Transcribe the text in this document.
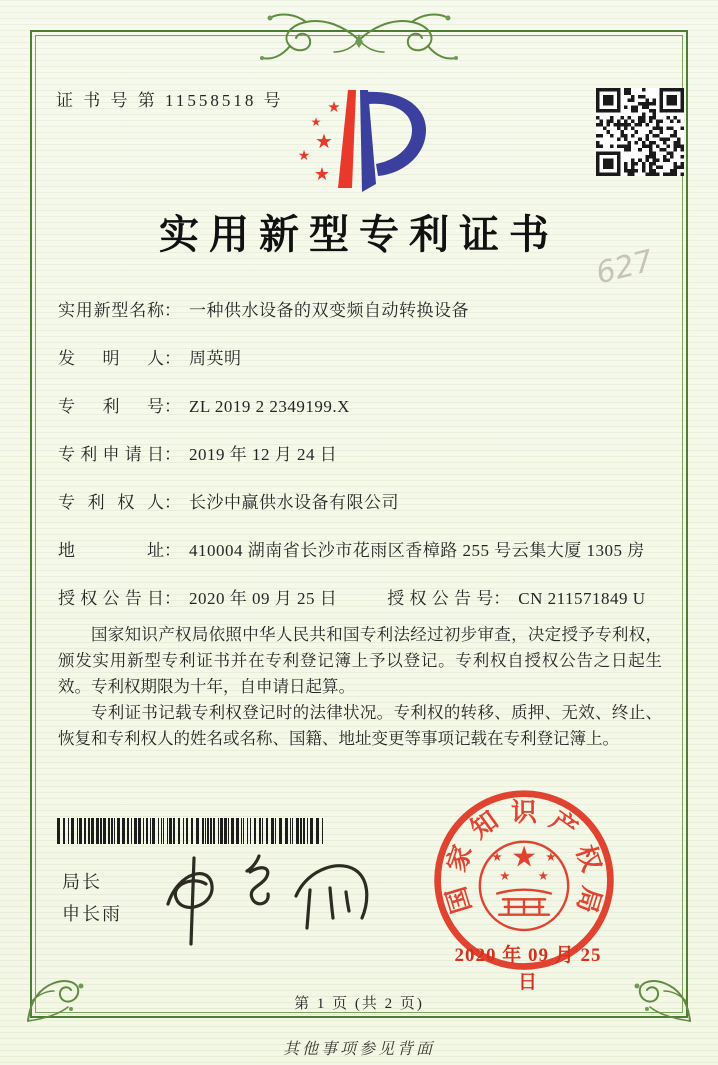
证 书 号 第 11558518 号	★
★
★
★
★
实用新型专利证书
627
实用新型名称： 一种供水设备的双变频自动转换设备
发明人： 周英明
专利号： ZL 2019 2 2349199.X
专利申请日： 2019 年 12 月 24 日
专利权人： 长沙中赢供水设备有限公司
地址： 410004 湖南省长沙市花雨区香樟路 255 号云集大厦 1305 房
授权公告日： 2020 年 09 月 25 日	授权公告号： CN 211571849 U

国家知识产权局依照中华人民共和国专利法经过初步审查，决定授予专利权，颁发实用新型专利证书并在专利登记簿上予以登记。专利权自授权公告之日起生效。专利权期限为十年，自申请日起算。

专利证书记载专利权登记时的法律状况。专利权的转移、质押、无效、终止、恢复和专利权人的姓名或名称、国籍、地址变更等事项记载在专利登记簿上。

局长
申长雨
★
★	★
★ ★
国
家
知 识 产
权
局
2020 年 09 月 25 日
第 1 页 (共 2 页)
其他事项参见背面
